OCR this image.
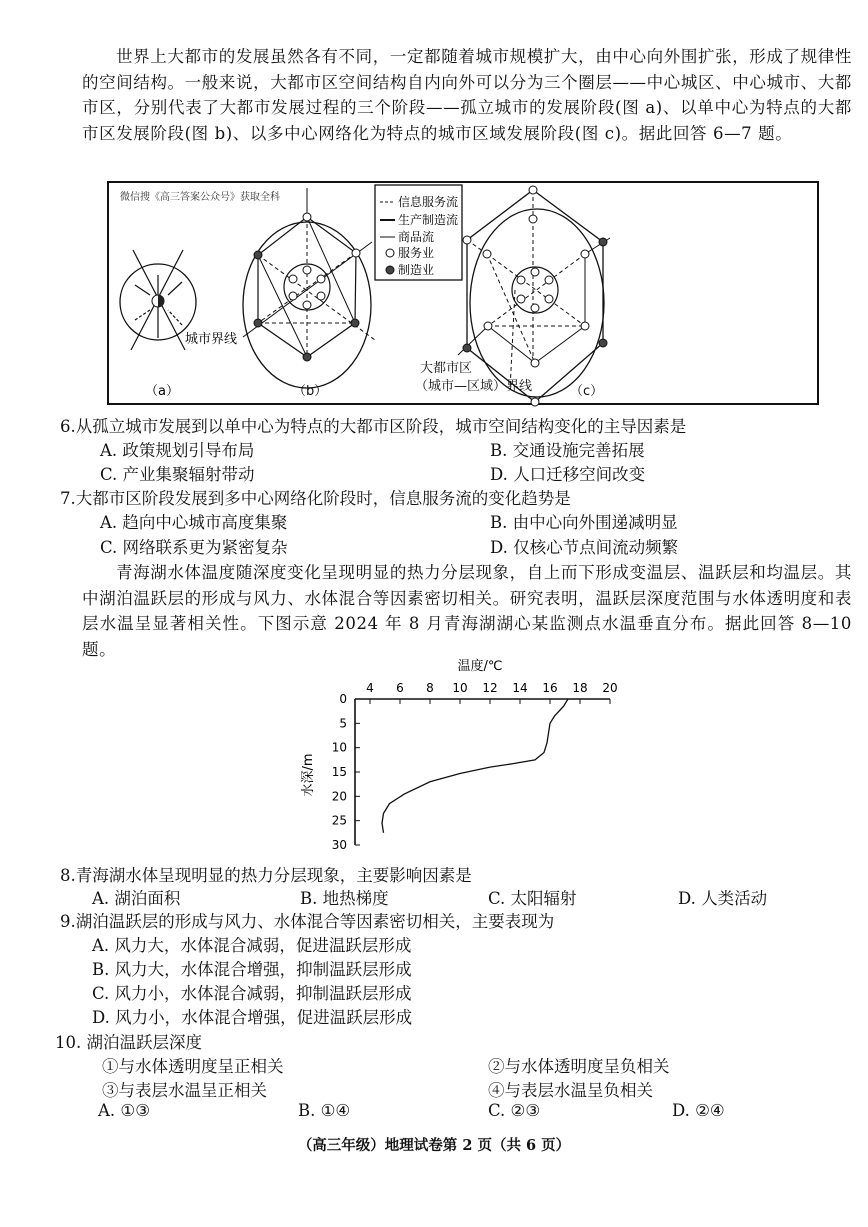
世界上大都市的发展虽然各有不同，一定都随着城市规模扩大，由中心向外围扩张，形成了规律性的空间结构。一般来说，大都市区空间结构自内向外可以分为三个圈层——中心城区、中心城市、大都市区，分别代表了大都市发展过程的三个阶段——孤立城市的发展阶段(图 a)、以单中心为特点的大都市区发展阶段(图 b)、以多中心网络化为特点的城市区域发展阶段(图 c)。据此回答 6—7 题。
微信搜《高三答案公众号》获取全科
城市界线
（a）	（b）
信息服务流
生产制造流
商品流
服务业
制造业
大都市区
（城市—区域）界线	（c）
6.从孤立城市发展到以单中心为特点的大都市区阶段，城市空间结构变化的主导因素是
A. 政策规划引导布局	B. 交通设施完善拓展
C. 产业集聚辐射带动	D. 人口迁移空间改变
7.大都市区阶段发展到多中心网络化阶段时，信息服务流的变化趋势是
A. 趋向中心城市高度集聚	B. 由中心向外围递减明显
C. 网络联系更为紧密复杂	D. 仅核心节点间流动频繁
青海湖水体温度随深度变化呈现明显的热力分层现象，自上而下形成变温层、温跃层和均温层。其中湖泊温跃层的形成与风力、水体混合等因素密切相关。研究表明，温跃层深度范围与水体透明度和表层水温呈显著相关性。下图示意 2024 年 8 月青海湖湖心某监测点水温垂直分布。据此回答 8—10 题。
温度/℃
水深/m
4 6 8 10 12 14 16 18 20
0
5
10
15
20
25
30
8.青海湖水体呈现明显的热力分层现象，主要影响因素是
A. 湖泊面积	B. 地热梯度	C. 太阳辐射	D. 人类活动
9.湖泊温跃层的形成与风力、水体混合等因素密切相关，主要表现为
A. 风力大，水体混合减弱，促进温跃层形成
B. 风力大，水体混合增强，抑制温跃层形成
C. 风力小，水体混合减弱，抑制温跃层形成
D. 风力小，水体混合增强，促进温跃层形成
10. 湖泊温跃层深度
①与水体透明度呈正相关	②与水体透明度呈负相关
③与表层水温呈正相关	④与表层水温呈负相关
A. ①③	B. ①④	C. ②③	D. ②④
（高三年级）地理试卷第 2 页（共 6 页）
